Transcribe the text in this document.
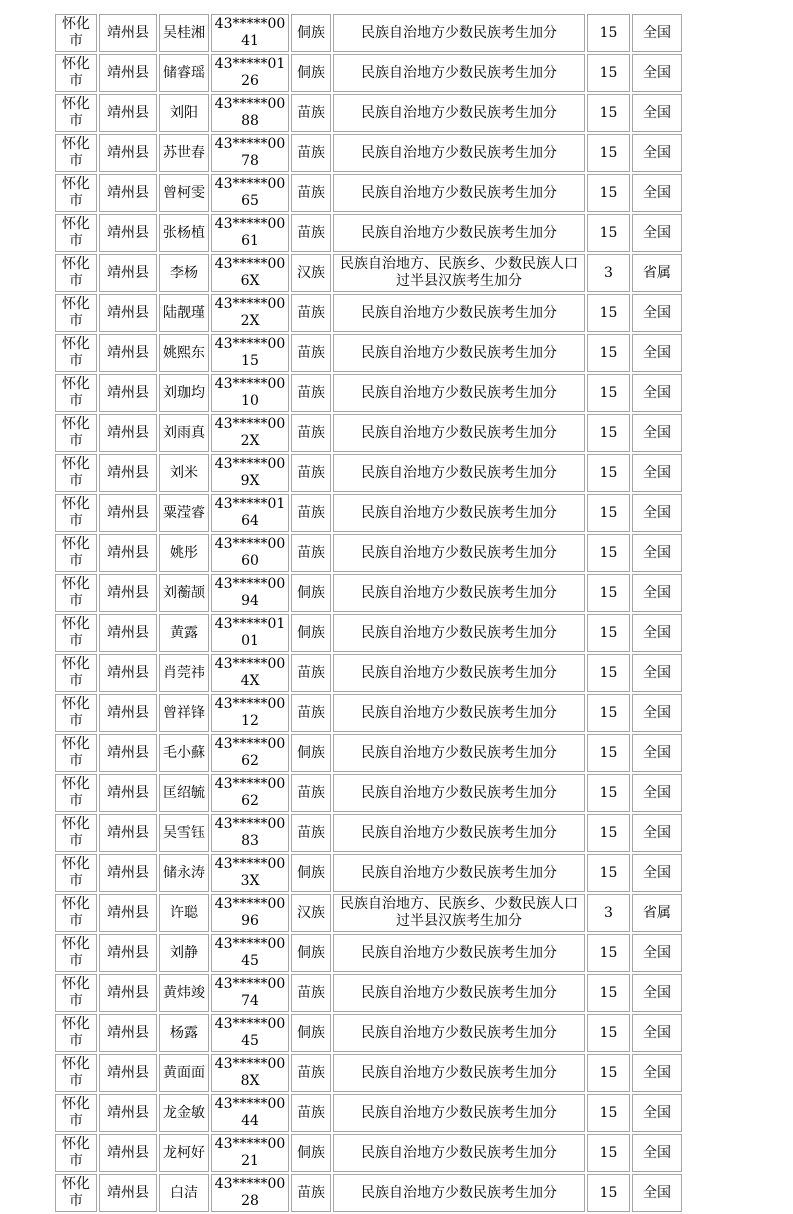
怀化市	靖州县	吴桂湘	43*****0041	侗族	民族自治地方少数民族考生加分	15	全国
怀化市	靖州县	储睿瑶	43*****0126	侗族	民族自治地方少数民族考生加分	15	全国
怀化市	靖州县	刘阳	43*****0088	苗族	民族自治地方少数民族考生加分	15	全国
怀化市	靖州县	苏世春	43*****0078	苗族	民族自治地方少数民族考生加分	15	全国
怀化市	靖州县	曾柯雯	43*****0065	苗族	民族自治地方少数民族考生加分	15	全国
怀化市	靖州县	张杨植	43*****0061	苗族	民族自治地方少数民族考生加分	15	全国
怀化市	靖州县	李杨	43*****006X	汉族	民族自治地方、民族乡、少数民族人口过半县汉族考生加分	3	省属
怀化市	靖州县	陆靓瑾	43*****002X	苗族	民族自治地方少数民族考生加分	15	全国
怀化市	靖州县	姚熙东	43*****0015	苗族	民族自治地方少数民族考生加分	15	全国
怀化市	靖州县	刘珈均	43*****0010	苗族	民族自治地方少数民族考生加分	15	全国
怀化市	靖州县	刘雨真	43*****002X	苗族	民族自治地方少数民族考生加分	15	全国
怀化市	靖州县	刘米	43*****009X	苗族	民族自治地方少数民族考生加分	15	全国
怀化市	靖州县	粟滢睿	43*****0164	苗族	民族自治地方少数民族考生加分	15	全国
怀化市	靖州县	姚彤	43*****0060	苗族	民族自治地方少数民族考生加分	15	全国
怀化市	靖州县	刘蘅颉	43*****0094	侗族	民族自治地方少数民族考生加分	15	全国
怀化市	靖州县	黄露	43*****0101	侗族	民族自治地方少数民族考生加分	15	全国
怀化市	靖州县	肖莞祎	43*****004X	苗族	民族自治地方少数民族考生加分	15	全国
怀化市	靖州县	曾祥锋	43*****0012	苗族	民族自治地方少数民族考生加分	15	全国
怀化市	靖州县	毛小蘇	43*****0062	侗族	民族自治地方少数民族考生加分	15	全国
怀化市	靖州县	匡绍毓	43*****0062	苗族	民族自治地方少数民族考生加分	15	全国
怀化市	靖州县	吴雪钰	43*****0083	苗族	民族自治地方少数民族考生加分	15	全国
怀化市	靖州县	储永涛	43*****003X	侗族	民族自治地方少数民族考生加分	15	全国
怀化市	靖州县	许聪	43*****0096	汉族	民族自治地方、民族乡、少数民族人口过半县汉族考生加分	3	省属
怀化市	靖州县	刘静	43*****0045	侗族	民族自治地方少数民族考生加分	15	全国
怀化市	靖州县	黄炜竣	43*****0074	苗族	民族自治地方少数民族考生加分	15	全国
怀化市	靖州县	杨露	43*****0045	侗族	民族自治地方少数民族考生加分	15	全国
怀化市	靖州县	黄面面	43*****008X	苗族	民族自治地方少数民族考生加分	15	全国
怀化市	靖州县	龙金敏	43*****0044	苗族	民族自治地方少数民族考生加分	15	全国
怀化市	靖州县	龙柯好	43*****0021	侗族	民族自治地方少数民族考生加分	15	全国
怀化市	靖州县	白洁	43*****0028	苗族	民族自治地方少数民族考生加分	15	全国
